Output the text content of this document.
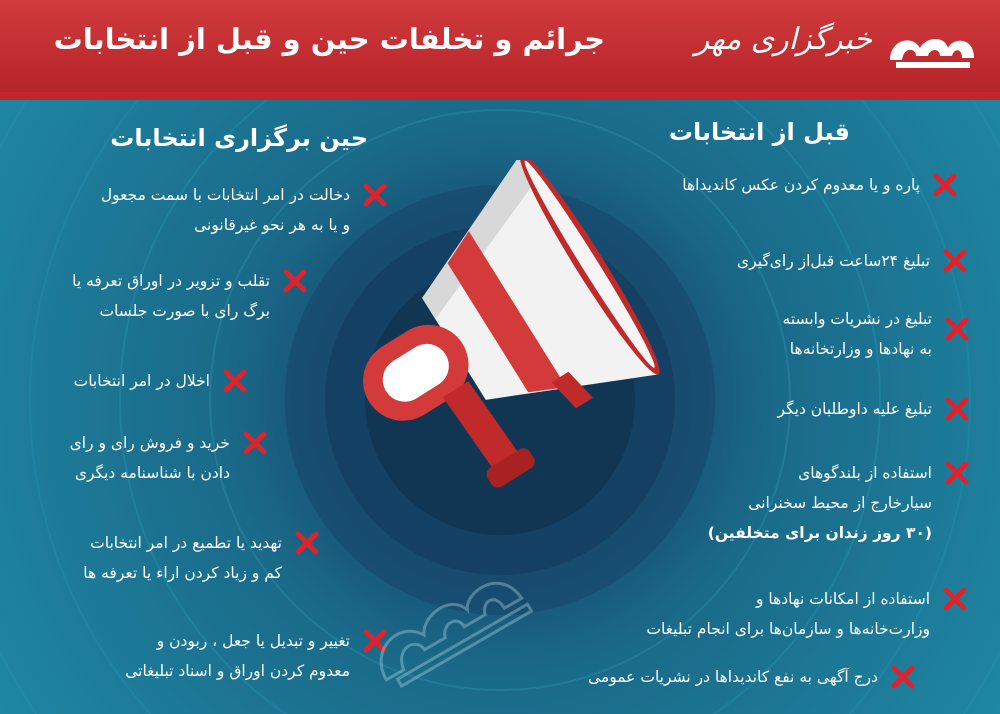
جرائم و تخلفات حین و قبل از انتخابات	خبرگزاری مهر
قبل از انتخابات
پاره و یا معدوم کردن عکس کاندیداها
تبلیغ ۲۴ساعت قبل‌از رای‌گیری
تبلیغ در نشریات وابسته
به نهادها و وزارتخانه‌ها
تبلیغ علیه داوطلبان دیگر
استفاده از بلندگوهای
سیارخارج از محیط سخنرانی
(۳۰ روز زندان برای متخلفین)
استفاده از امکانات نهادها و
وزارت‌خانه‌ها و سازمان‌ها برای انجام تبلیغات
درج آگهی به نفع کاندیداها در نشریات عمومی
حین برگزاری انتخابات
دخالت در امر انتخابات با سمت مجعول
و یا به هر نحو غیرقانونی
تقلب و تزویر در اوراق تعرفه یا
برگ رای یا صورت جلسات
اخلال در امر انتخابات
خرید و فروش رای و رای
دادن با شناسنامه دیگری
تهدید یا تطمیع در امر انتخابات
کم و زیاد کردن اراء یا تعرفه ها
تغییر و تبدیل یا جعل ، ربودن و
معدوم کردن اوراق و اسناد تبلیغاتی
